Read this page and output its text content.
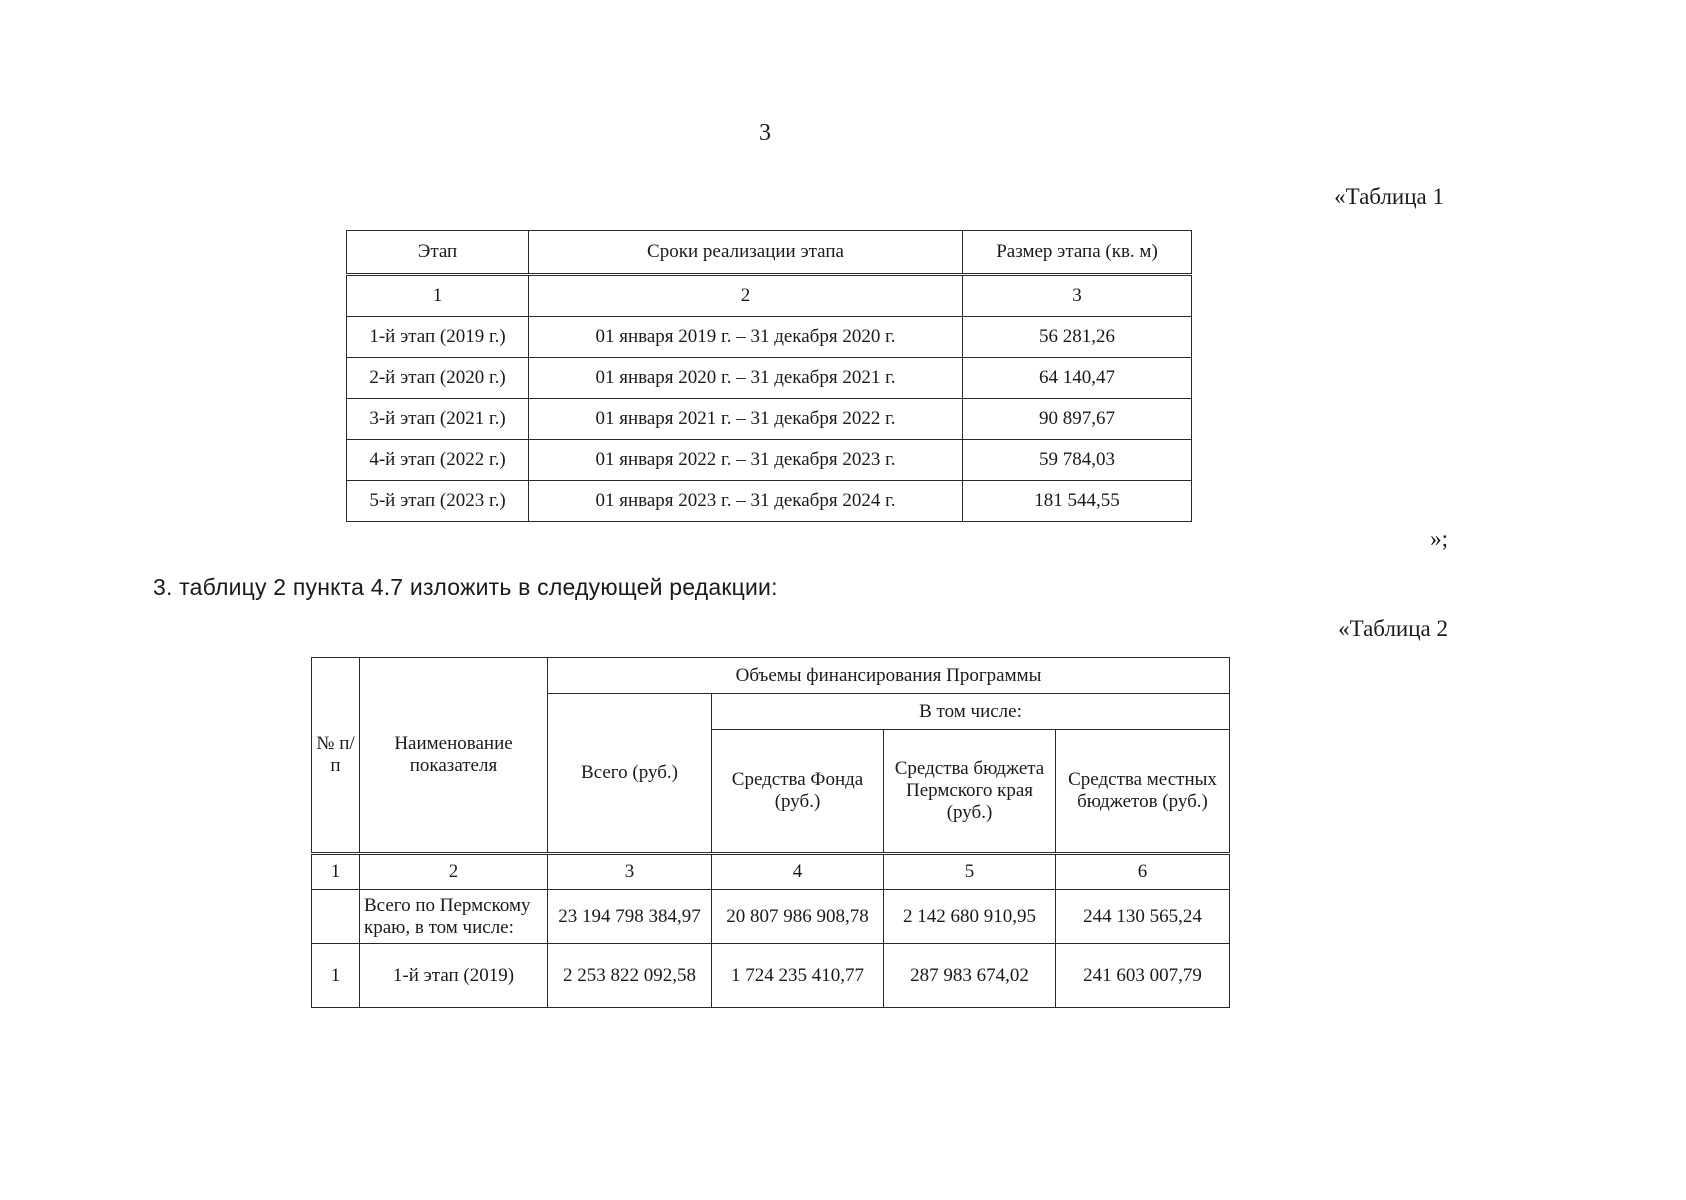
3
«Таблица 1
Этап	Сроки реализации этапа	Размер этапа (кв. м)
1	2	3
1-й этап (2019 г.)	01 января 2019 г. – 31 декабря 2020 г.	56 281,26
2-й этап (2020 г.)	01 января 2020 г. – 31 декабря 2021 г.	64 140,47
3-й этап (2021 г.)	01 января 2021 г. – 31 декабря 2022 г.	90 897,67
4-й этап (2022 г.)	01 января 2022 г. – 31 декабря 2023 г.	59 784,03
5-й этап (2023 г.)	01 января 2023 г. – 31 декабря 2024 г.	181 544,55
»;
3. таблицу 2 пункта 4.7 изложить в следующей редакции:
«Таблица 2
№ п/п	Наименование показателя	Объемы финансирования Программы			
		Всего (руб.)	В том числе:		
			Средства Фонда (руб.)	Средства бюджета Пермского края (руб.)	Средства местных бюджетов (руб.)
1	2	3	4	5	6
	Всего по Пермскому краю, в том числе:	23 194 798 384,97	20 807 986 908,78	2 142 680 910,95	244 130 565,24
1	1-й этап (2019)	2 253 822 092,58	1 724 235 410,77	287 983 674,02	241 603 007,79
